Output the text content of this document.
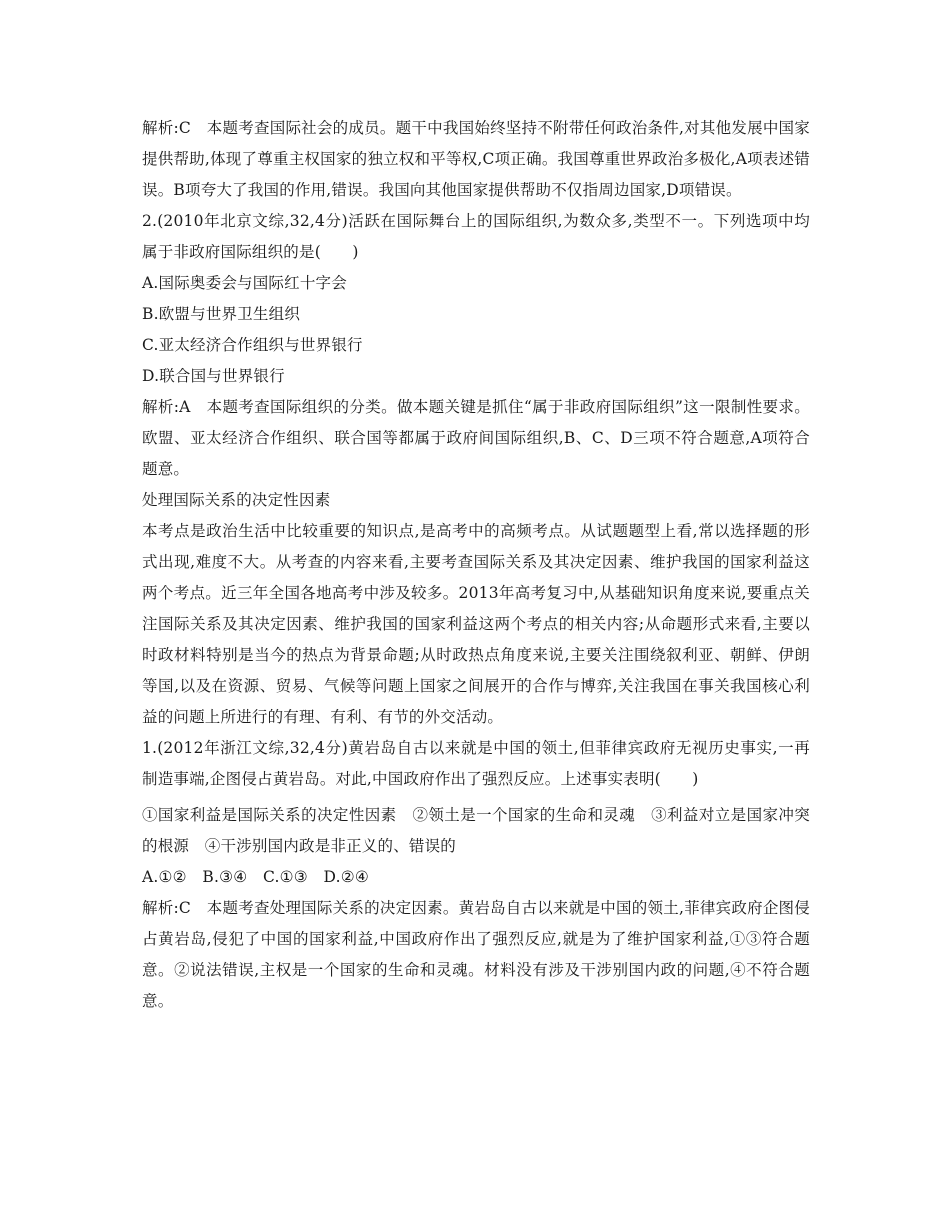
解析:C　本题考查国际社会的成员。题干中我国始终坚持不附带任何政治条件,对其他发展中国家提供帮助,体现了尊重主权国家的独立权和平等权,C项正确。我国尊重世界政治多极化,A项表述错误。B项夸大了我国的作用,错误。我国向其他国家提供帮助不仅指周边国家,D项错误。

2.(2010年北京文综,32,4分)活跃在国际舞台上的国际组织,为数众多,类型不一。下列选项中均属于非政府国际组织的是(　　)

A.国际奥委会与国际红十字会

B.欧盟与世界卫生组织

C.亚太经济合作组织与世界银行

D.联合国与世界银行

解析:A　本题考查国际组织的分类。做本题关键是抓住“属于非政府国际组织”这一限制性要求。欧盟、亚太经济合作组织、联合国等都属于政府间国际组织,B、C、D三项不符合题意,A项符合题意。

处理国际关系的决定性因素

本考点是政治生活中比较重要的知识点,是高考中的高频考点。从试题题型上看,常以选择题的形式出现,难度不大。从考查的内容来看,主要考查国际关系及其决定因素、维护我国的国家利益这两个考点。近三年全国各地高考中涉及较多。2013年高考复习中,从基础知识角度来说,要重点关注国际关系及其决定因素、维护我国的国家利益这两个考点的相关内容;从命题形式来看,主要以时政材料特别是当今的热点为背景命题;从时政热点角度来说,主要关注围绕叙利亚、朝鲜、伊朗等国,以及在资源、贸易、气候等问题上国家之间展开的合作与博弈,关注我国在事关我国核心利益的问题上所进行的有理、有利、有节的外交活动。

1.(2012年浙江文综,32,4分)黄岩岛自古以来就是中国的领土,但菲律宾政府无视历史事实,一再制造事端,企图侵占黄岩岛。对此,中国政府作出了强烈反应。上述事实表明(　　)

①国家利益是国际关系的决定性因素　②领土是一个国家的生命和灵魂　③利益对立是国家冲突的根源　④干涉别国内政是非正义的、错误的

A.①②　B.③④　C.①③　D.②④

解析:C　本题考查处理国际关系的决定因素。黄岩岛自古以来就是中国的领土,菲律宾政府企图侵占黄岩岛,侵犯了中国的国家利益,中国政府作出了强烈反应,就是为了维护国家利益,①③符合题意。②说法错误,主权是一个国家的生命和灵魂。材料没有涉及干涉别国内政的问题,④不符合题意。
